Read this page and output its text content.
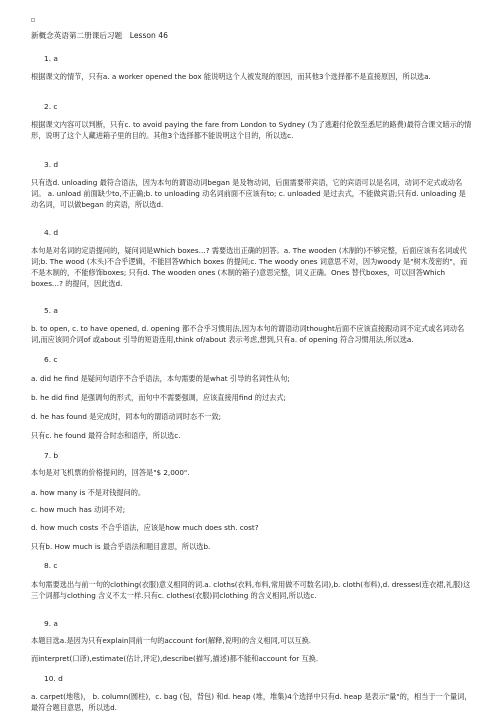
新概念英语第二册课后习题　Lesson 46
1. a

根据课文的情节，只有a. a worker opened the box 能说明这个人被发现的原因，而其他3个选择都不是直接原因，所以选a.

2. c

根据课文内容可以判断，只有c. to avoid paying the fare from London to Sydney (为了逃避付伦敦至悉尼的路费)最符合课文暗示的情形，说明了这个人藏进箱子里的目的。其他3个选择都不能说明这个目的，所以选c.

3. d

只有选d. unloading 最符合语法，因为本句的谓语动词began 是及物动词，后面需要带宾语，它的宾语可以是名词，动词不定式或动名词。 a. unload 前面缺少to,不正确;b. to unloading 动名词前面不应该有to; c. unloaded 是过去式，不能做宾语;只有d. unloading 是动名词，可以做began 的宾语，所以选d.

4. d

本句是对名词的定语提问的，疑问词是Which boxes…? 需要选出正确的回答。a. The wooden (木制的)不够完整，后面应该有名词或代词;b. The wood (木头)不合乎逻辑，不能回答Which boxes 的提问;c. The woody ones 词意思不对，因为woody 是"树木茂密的"，而不是木制的，不能修饰boxes; 只有d. The wooden ones (木制的箱子)意思完整，词义正确。Ones 替代boxes，可以回答Which boxes…? 的提问，因此选d.

5. a

b. to open, c. to have opened, d. opening 都不合乎习惯用法,因为本句的谓语动词thought后面不应该直接跟动词不定式或名词动名词,而应该同介词of 或about 引导的短语连用,think of/about 表示考虑,想到,只有a. of opening 符合习惯用法,所以选a.

6. c

a. did he find 是疑问句语序不合乎语法，本句需要的是what 引导的名词性从句;

b. he did find 是强调句的形式，而句中不需要强调，应该直接用find 的过去式;

d. he has found 是完成时，同本句的谓语动词时态不一致;

只有c. he found 最符合时态和语序，所以选c.

7. b

本句是对飞机票的价格提问的，回答是"$ 2,000".

a. how many is 不是对钱提问的。

c. how much has 动词不对;

d. how much costs 不合乎语法，应该是how much does sth. cost?

只有b. How much is 最合乎语法和题目意思，所以选b.

8. c

本句需要选出与前一句的clothing(衣服)意义相同的词.a. cloths(衣料,布料,常用做不可数名词),b. cloth(布料),d. dresses(连衣裙,礼服)这三个词都与clothing 含义不太一样.只有c. clothes(衣服)同clothing 的含义相同,所以选c.

9. a

本题目选a.是因为只有explain同前一句的account for(解释,说明)的含义相同,可以互换.

而interpret(口译),estimate(估计,评定),describe(描写,描述)都不能和account for 互换.

10. d

a. carpet(地毯)， b. column(圆柱)，c. bag (包，背包) 和d. heap (堆，堆集)4个选择中只有d. heap 是表示"量"的，相当于一个量词，最符合题目意思，所以选d.
